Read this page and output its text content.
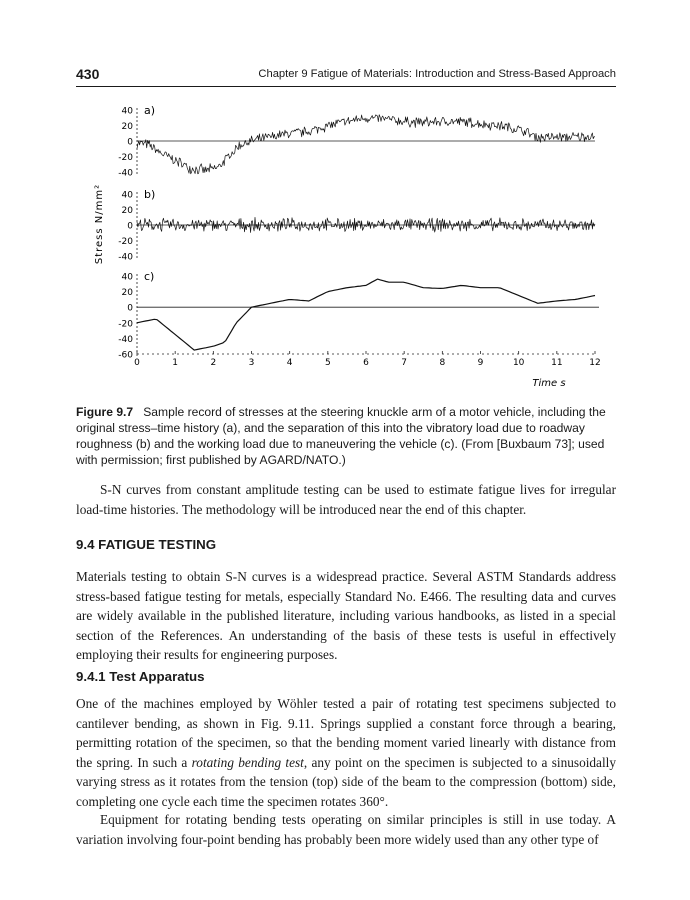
430	Chapter 9 Fatigue of Materials: Introduction and Stress-Based Approach
Stress N/mm²
Time s
40
20
0
-20
-40
a)
40
20
0
-20
-40
b)
40
20
0
-20
-40
-60
c)
0	1	2	3	4	5	6	7	8	9	10	11	12
Figure 9.7 Sample record of stresses at the steering knuckle arm of a motor vehicle, including the original stress–time history (a), and the separation of this into the vibratory load due to roadway roughness (b) and the working load due to maneuvering the vehicle (c). (From [Buxbaum 73]; used with permission; first published by AGARD/NATO.)

S-N curves from constant amplitude testing can be used to estimate fatigue lives for irregular load-time histories. The methodology will be introduced near the end of this chapter.

9.4 FATIGUE TESTING

Materials testing to obtain S-N curves is a widespread practice. Several ASTM Standards address stress-based fatigue testing for metals, especially Standard No. E466. The resulting data and curves are widely available in the published literature, including various handbooks, as listed in a special section of the References. An understanding of the basis of these tests is useful in effectively employing their results for engineering purposes.

9.4.1 Test Apparatus

One of the machines employed by Wöhler tested a pair of rotating test specimens subjected to cantilever bending, as shown in Fig. 9.11. Springs supplied a constant force through a bearing, permitting rotation of the specimen, so that the bending moment varied linearly with distance from the spring. In such a rotating bending test, any point on the specimen is subjected to a sinusoidally varying stress as it rotates from the tension (top) side of the beam to the compression (bottom) side, completing one cycle each time the specimen rotates 360°.

Equipment for rotating bending tests operating on similar principles is still in use today. A variation involving four-point bending has probably been more widely used than any other type of
